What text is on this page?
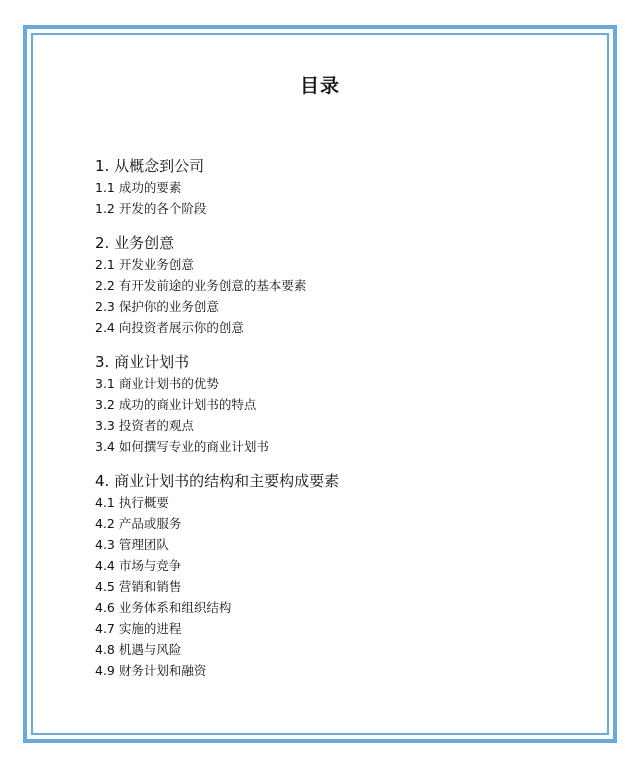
目录
1. 从概念到公司
1.1 成功的要素
1.2 开发的各个阶段
2. 业务创意
2.1 开发业务创意
2.2 有开发前途的业务创意的基本要素
2.3 保护你的业务创意
2.4 向投资者展示你的创意
3. 商业计划书
3.1 商业计划书的优势
3.2 成功的商业计划书的特点
3.3 投资者的观点
3.4 如何撰写专业的商业计划书
4. 商业计划书的结构和主要构成要素
4.1 执行概要
4.2 产品或服务
4.3 管理团队
4.4 市场与竞争
4.5 营销和销售
4.6 业务体系和组织结构
4.7 实施的进程
4.8 机遇与风险
4.9 财务计划和融资
